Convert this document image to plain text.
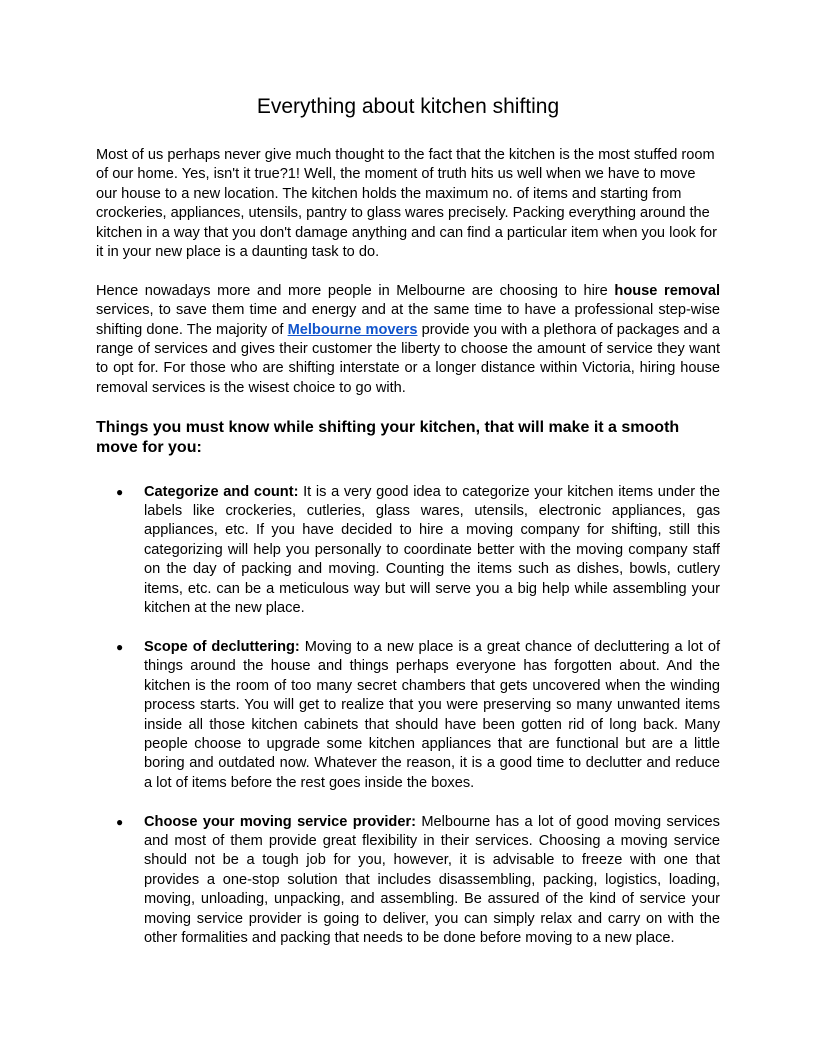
Everything about kitchen shifting

Most of us perhaps never give much thought to the fact that the kitchen is the most stuffed room of our home. Yes, isn't it true?1! Well, the moment of truth hits us well when we have to move our house to a new location. The kitchen holds the maximum no. of items and starting from crockeries, appliances, utensils, pantry to glass wares precisely. Packing everything around the kitchen in a way that you don't damage anything and can find a particular item when you look for it in your new place is a daunting task to do.

Hence nowadays more and more people in Melbourne are choosing to hire house removal services, to save them time and energy and at the same time to have a professional step-wise shifting done. The majority of Melbourne movers provide you with a plethora of packages and a range of services and gives their customer the liberty to choose the amount of service they want to opt for. For those who are shifting interstate or a longer distance within Victoria, hiring house removal services is the wisest choice to go with.

Things you must know while shifting your kitchen, that will make it a smooth move for you:
● Categorize and count: It is a very good idea to categorize your kitchen items under the labels like crockeries, cutleries, glass wares, utensils, electronic appliances, gas appliances, etc. If you have decided to hire a moving company for shifting, still this categorizing will help you personally to coordinate better with the moving company staff on the day of packing and moving. Counting the items such as dishes, bowls, cutlery items, etc. can be a meticulous way but will serve you a big help while assembling your kitchen at the new place.
● Scope of decluttering: Moving to a new place is a great chance of decluttering a lot of things around the house and things perhaps everyone has forgotten about. And the kitchen is the room of too many secret chambers that gets uncovered when the winding process starts. You will get to realize that you were preserving so many unwanted items inside all those kitchen cabinets that should have been gotten rid of long back. Many people choose to upgrade some kitchen appliances that are functional but are a little boring and outdated now. Whatever the reason, it is a good time to declutter and reduce a lot of items before the rest goes inside the boxes.
● Choose your moving service provider: Melbourne has a lot of good moving services and most of them provide great flexibility in their services. Choosing a moving service should not be a tough job for you, however, it is advisable to freeze with one that provides a one-stop solution that includes disassembling, packing, logistics, loading, moving, unloading, unpacking, and assembling. Be assured of the kind of service your moving service provider is going to deliver, you can simply relax and carry on with the other formalities and packing that needs to be done before moving to a new place.
